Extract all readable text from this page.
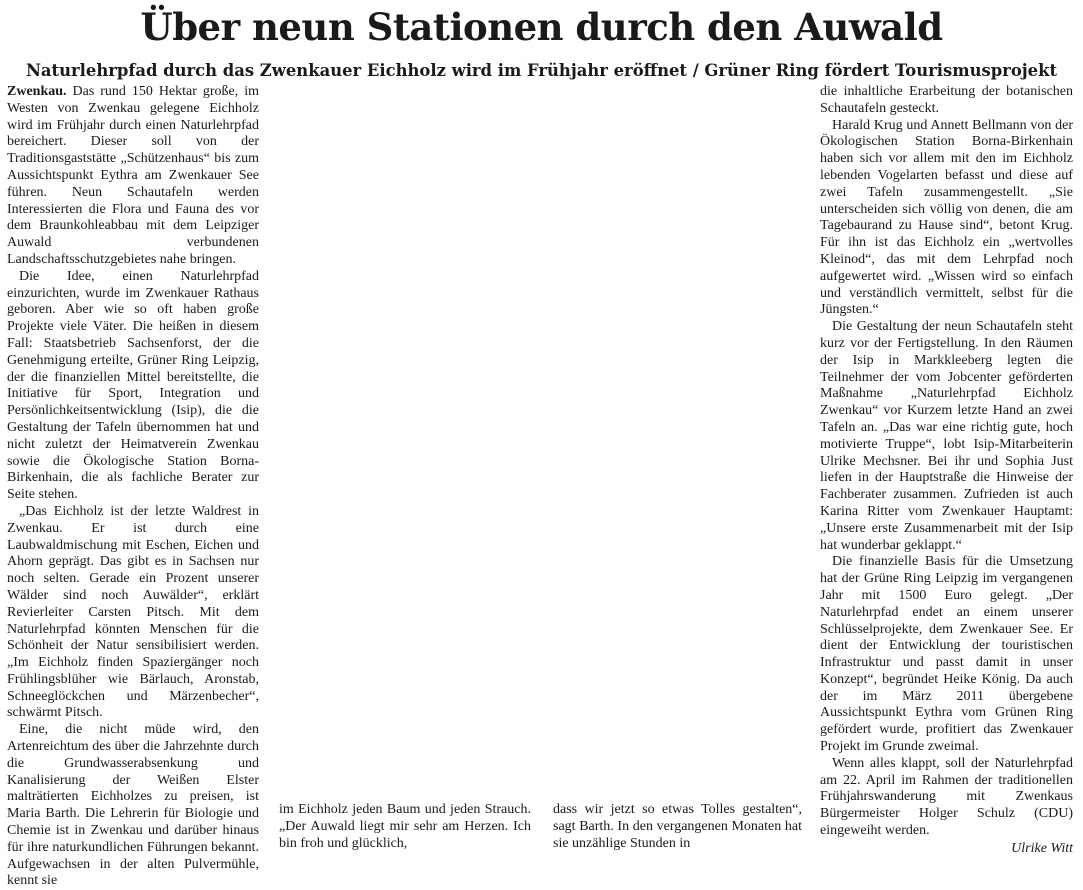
Über neun Stationen durch den Auwald
Naturlehrpfad durch das Zwenkauer Eichholz wird im Frühjahr eröffnet / Grüner Ring fördert Tourismusprojekt

Zwenkau. Das rund 150 Hektar große, im Westen von Zwenkau gelegene Eichholz wird im Frühjahr durch einen Naturlehrpfad bereichert. Dieser soll von der Traditionsgaststätte „Schützenhaus“ bis zum Aussichtspunkt Eythra am Zwenkauer See führen. Neun Schautafeln werden Interessierten die Flora und Fauna des vor dem Braunkohleabbau mit dem Leipziger Auwald verbundenen Landschaftsschutzgebietes nahe bringen.

Die Idee, einen Naturlehrpfad einzurichten, wurde im Zwenkauer Rathaus geboren. Aber wie so oft haben große Projekte viele Väter. Die heißen in diesem Fall: Staatsbetrieb Sachsenforst, der die Genehmigung erteilte, Grüner Ring Leipzig, der die finanziellen Mittel bereitstellte, die Initiative für Sport, Integration und Persönlichkeitsentwicklung (Isip), die die Gestaltung der Tafeln übernommen hat und nicht zuletzt der Heimatverein Zwenkau sowie die Ökologische Station Borna-Birkenhain, die als fachliche Berater zur Seite stehen.

„Das Eichholz ist der letzte Waldrest in Zwenkau. Er ist durch eine Laubwaldmischung mit Eschen, Eichen und Ahorn geprägt. Das gibt es in Sachsen nur noch selten. Gerade ein Prozent unserer Wälder sind noch Auwälder“, erklärt Revierleiter Carsten Pitsch. Mit dem Naturlehrpfad könnten Menschen für die Schönheit der Natur sensibilisiert werden. „Im Eichholz finden Spaziergänger noch Frühlingsblüher wie Bärlauch, Aronstab, Schneeglöckchen und Märzenbecher“, schwärmt Pitsch.

Eine, die nicht müde wird, den Artenreichtum des über die Jahrzehnte durch die Grundwasserabsenkung und Kanalisierung der Weißen Elster malträtierten Eichholzes zu preisen, ist Maria Barth. Die Lehrerin für Biologie und Chemie ist in Zwenkau und darüber hinaus für ihre naturkundlichen Führungen bekannt. Aufgewachsen in der alten Pulvermühle, kennt sie

im Eichholz jeden Baum und jeden Strauch. „Der Auwald liegt mir sehr am Herzen. Ich bin froh und glücklich,

dass wir jetzt so etwas Tolles gestalten“, sagt Barth. In den vergangenen Monaten hat sie unzählige Stunden in

die inhaltliche Erarbeitung der botanischen Schautafeln gesteckt.

Harald Krug und Annett Bellmann von der Ökologischen Station Borna-Birkenhain haben sich vor allem mit den im Eichholz lebenden Vogelarten befasst und diese auf zwei Tafeln zusammengestellt. „Sie unterscheiden sich völlig von denen, die am Tagebaurand zu Hause sind“, betont Krug. Für ihn ist das Eichholz ein „wertvolles Kleinod“, das mit dem Lehrpfad noch aufgewertet wird. „Wissen wird so einfach und verständlich vermittelt, selbst für die Jüngsten.“

Die Gestaltung der neun Schautafeln steht kurz vor der Fertigstellung. In den Räumen der Isip in Markkleeberg legten die Teilnehmer der vom Jobcenter geförderten Maßnahme „Naturlehrpfad Eichholz Zwenkau“ vor Kurzem letzte Hand an zwei Tafeln an. „Das war eine richtig gute, hoch motivierte Truppe“, lobt Isip-Mitarbeiterin Ulrike Mechsner. Bei ihr und Sophia Just liefen in der Hauptstraße die Hinweise der Fachberater zusammen. Zufrieden ist auch Karina Ritter vom Zwenkauer Hauptamt: „Unsere erste Zusammenarbeit mit der Isip hat wunderbar geklappt.“

Die finanzielle Basis für die Umsetzung hat der Grüne Ring Leipzig im vergangenen Jahr mit 1500 Euro gelegt. „Der Naturlehrpfad endet an einem unserer Schlüsselprojekte, dem Zwenkauer See. Er dient der Entwicklung der touristischen Infrastruktur und passt damit in unser Konzept“, begründet Heike König. Da auch der im März 2011 übergebene Aussichtspunkt Eythra vom Grünen Ring gefördert wurde, profitiert das Zwenkauer Projekt im Grunde zweimal.

Wenn alles klappt, soll der Naturlehrpfad am 22. April im Rahmen der traditionellen Frühjahrswanderung mit Zwenkaus Bürgermeister Holger Schulz (CDU) eingeweiht werden.

Ulrike Witt
